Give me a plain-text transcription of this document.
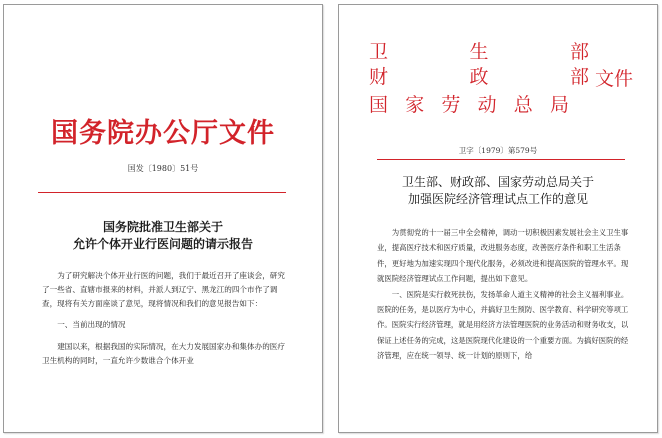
国务院办公厅文件
国发〔1980〕51号
国务院批准卫生部关于
允许个体开业行医问题的请示报告

为了研究解决个体开业行医的问题，我们于最近召开了座谈会，研究了一些省、直辖市报来的材料，并派人到辽宁、黑龙江的四个市作了调查，现将有关方面座谈了意见，现将情况和我们的意见报告如下：

一、当前出现的情况

建国以来，根据我国的实际情况，在大力发展国家办和集体办的医疗卫生机构的同时，一直允许少数谁合个体开业

卫	生	部
财	政	部
国 家 劳 动 总 局
文件
卫字〔1979〕第579号
卫生部、财政部、国家劳动总局关于
加强医院经济管理试点工作的意见

为贯彻党的十一届三中全会精神，调动一切积极因素发展社会主义卫生事业，提高医疗技术和医疗质量，改进服务态度，改善医疗条件和职工生活条件，更好地为加速实现四个现代化服务，必须改进和提高医院的管理水平。现就医院经济管理试点工作问题，提出如下意见。

一、医院是实行救死扶伤，发扬革命人道主义精神的社会主义福利事业。医院的任务，是以医疗为中心，并搞好卫生预防、医学教育、科学研究等项工作。医院实行经济管理，就是用经济方法管理医院的业务活动和财务收支，以保证上述任务的完成，这是医院现代化建设的一个重要方面。为搞好医院的经济管理，应在统一领导、统一计划的原则下，给
